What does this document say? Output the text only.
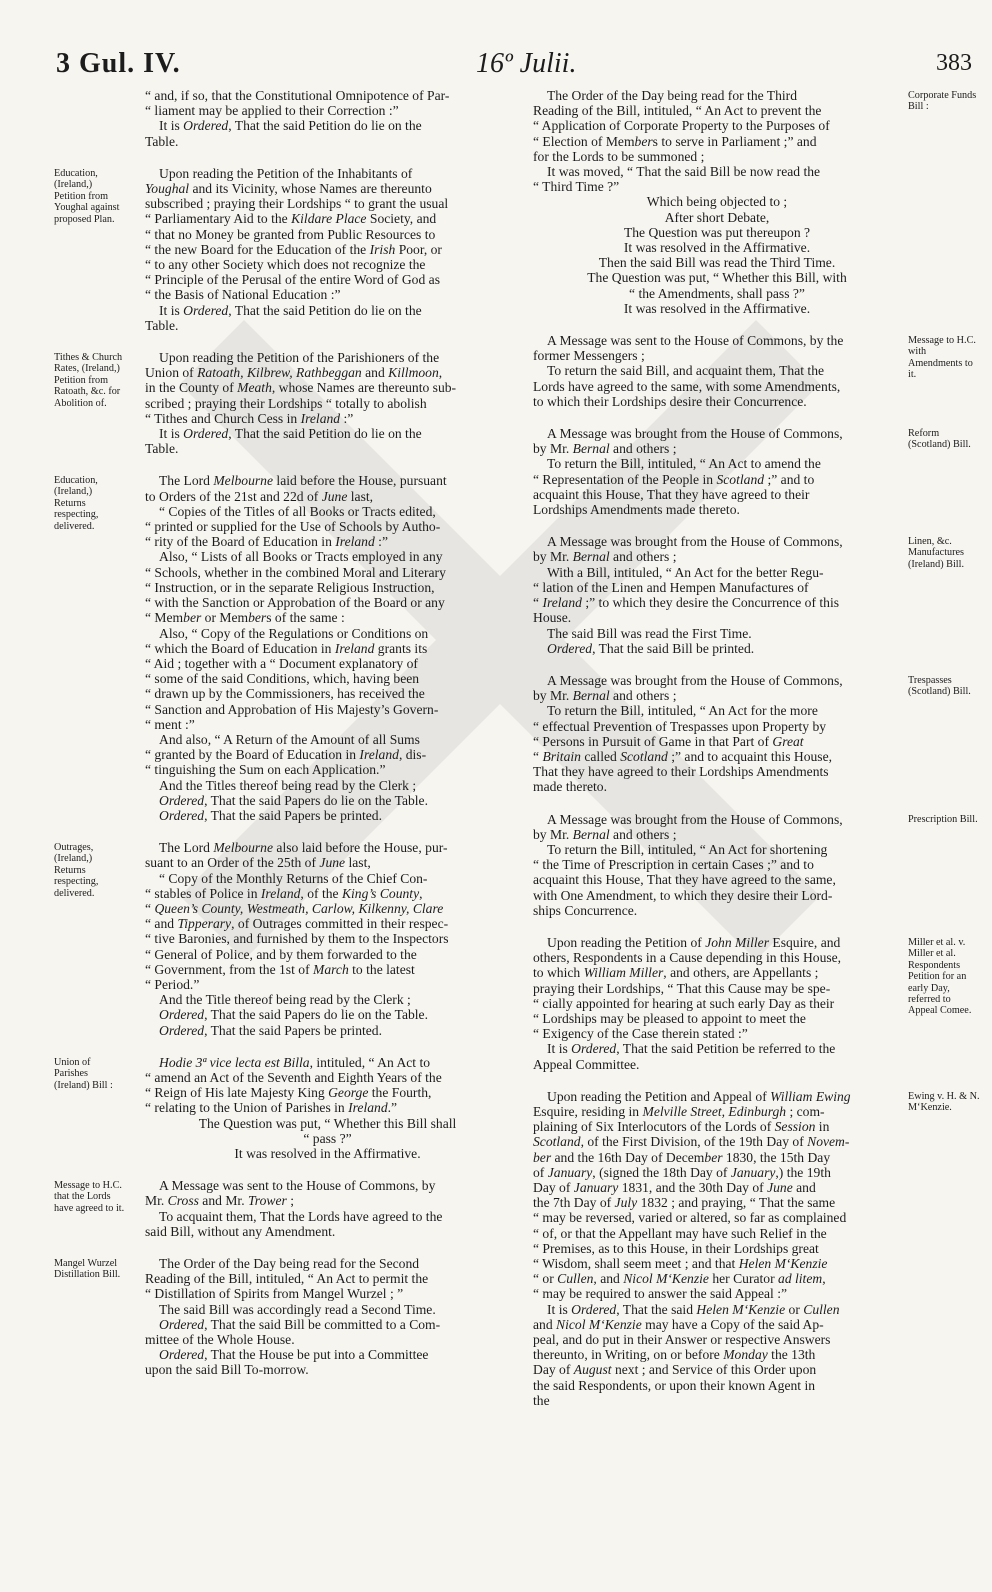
3 Gul. IV.	16º Julii.	383

“ and, if so, that the Constitutional Omnipotence of Par-

“ liament may be applied to their Correction :”

It is Ordered, That the said Petition do lie on the

Table.

Upon reading the Petition of the Inhabitants of

Youghal and its Vicinity, whose Names are thereunto

subscribed ; praying their Lordships “ to grant the usual

“ Parliamentary Aid to the Kildare Place Society, and

“ that no Money be granted from Public Resources to

“ the new Board for the Education of the Irish Poor, or

“ to any other Society which does not recognize the

“ Principle of the Perusal of the entire Word of God as

“ the Basis of National Education :”

It is Ordered, That the said Petition do lie on the

Table.

Upon reading the Petition of the Parishioners of the

Union of Ratoath, Kilbrew, Rathbeggan and Killmoon,

in the County of Meath, whose Names are thereunto sub-

scribed ; praying their Lordships “ totally to abolish

“ Tithes and Church Cess in Ireland :”

It is Ordered, That the said Petition do lie on the

Table.

The Lord Melbourne laid before the House, pursuant

to Orders of the 21st and 22d of June last,

“ Copies of the Titles of all Books or Tracts edited,

“ printed or supplied for the Use of Schools by Autho-

“ rity of the Board of Education in Ireland :”

Also, “ Lists of all Books or Tracts employed in any

“ Schools, whether in the combined Moral and Literary

“ Instruction, or in the separate Religious Instruction,

“ with the Sanction or Approbation of the Board or any

“ Member or Members of the same :

Also, “ Copy of the Regulations or Conditions on

“ which the Board of Education in Ireland grants its

“ Aid ; together with a “ Document explanatory of

“ some of the said Conditions, which, having been

“ drawn up by the Commissioners, has received the

“ Sanction and Approbation of His Majesty’s Govern-

“ ment :”

And also, “ A Return of the Amount of all Sums

“ granted by the Board of Education in Ireland, dis-

“ tinguishing the Sum on each Application.”

And the Titles thereof being read by the Clerk ;

Ordered, That the said Papers do lie on the Table.

Ordered, That the said Papers be printed.

The Lord Melbourne also laid before the House, pur-

suant to an Order of the 25th of June last,

“ Copy of the Monthly Returns of the Chief Con-

“ stables of Police in Ireland, of the King’s County,

“ Queen’s County, Westmeath, Carlow, Kilkenny, Clare

“ and Tipperary, of Outrages committed in their respec-

“ tive Baronies, and furnished by them to the Inspectors

“ General of Police, and by them forwarded to the

“ Government, from the 1st of March to the latest

“ Period.”

And the Title thereof being read by the Clerk ;

Ordered, That the said Papers do lie on the Table.

Ordered, That the said Papers be printed.

Hodie 3ª vice lecta est Billa, intituled, “ An Act to

“ amend an Act of the Seventh and Eighth Years of the

“ Reign of His late Majesty King George the Fourth,

“ relating to the Union of Parishes in Ireland.”

The Question was put, “ Whether this Bill shall

“ pass ?”

It was resolved in the Affirmative.

A Message was sent to the House of Commons, by

Mr. Cross and Mr. Trower ;

To acquaint them, That the Lords have agreed to the

said Bill, without any Amendment.

The Order of the Day being read for the Second

Reading of the Bill, intituled, “ An Act to permit the

“ Distillation of Spirits from Mangel Wurzel ; ”

The said Bill was accordingly read a Second Time.

Ordered, That the said Bill be committed to a Com-

mittee of the Whole House.

Ordered, That the House be put into a Committee

upon the said Bill To-morrow.

The Order of the Day being read for the Third

Reading of the Bill, intituled, “ An Act to prevent the

“ Application of Corporate Property to the Purposes of

“ Election of Members to serve in Parliament ;” and

for the Lords to be summoned ;

It was moved, “ That the said Bill be now read the

“ Third Time ?”

Which being objected to ;

After short Debate,

The Question was put thereupon ?

It was resolved in the Affirmative.

Then the said Bill was read the Third Time.

The Question was put, “ Whether this Bill, with

“ the Amendments, shall pass ?”

It was resolved in the Affirmative.

A Message was sent to the House of Commons, by the

former Messengers ;

To return the said Bill, and acquaint them, That the

Lords have agreed to the same, with some Amendments,

to which their Lordships desire their Concurrence.

A Message was brought from the House of Commons,

by Mr. Bernal and others ;

To return the Bill, intituled, “ An Act to amend the

“ Representation of the People in Scotland ;” and to

acquaint this House, That they have agreed to their

Lordships Amendments made thereto.

A Message was brought from the House of Commons,

by Mr. Bernal and others ;

With a Bill, intituled, “ An Act for the better Regu-

“ lation of the Linen and Hempen Manufactures of

“ Ireland ;” to which they desire the Concurrence of this

House.

The said Bill was read the First Time.

Ordered, That the said Bill be printed.

A Message was brought from the House of Commons,

by Mr. Bernal and others ;

To return the Bill, intituled, “ An Act for the more

“ effectual Prevention of Trespasses upon Property by

“ Persons in Pursuit of Game in that Part of Great

“ Britain called Scotland ;” and to acquaint this House,

That they have agreed to their Lordships Amendments

made thereto.

A Message was brought from the House of Commons,

by Mr. Bernal and others ;

To return the Bill, intituled, “ An Act for shortening

“ the Time of Prescription in certain Cases ;” and to

acquaint this House, That they have agreed to the same,

with One Amendment, to which they desire their Lord-

ships Concurrence.

Upon reading the Petition of John Miller Esquire, and

others, Respondents in a Cause depending in this House,

to which William Miller, and others, are Appellants ;

praying their Lordships, “ That this Cause may be spe-

“ cially appointed for hearing at such early Day as their

“ Lordships may be pleased to appoint to meet the

“ Exigency of the Case therein stated :”

It is Ordered, That the said Petition be referred to the

Appeal Committee.

Upon reading the Petition and Appeal of William Ewing

Esquire, residing in Melville Street, Edinburgh ; com-

plaining of Six Interlocutors of the Lords of Session in

Scotland, of the First Division, of the 19th Day of Novem-

ber and the 16th Day of December 1830, the 15th Day

of January, (signed the 18th Day of January,) the 19th

Day of January 1831, and the 30th Day of June and

the 7th Day of July 1832 ; and praying, “ That the same

“ may be reversed, varied or altered, so far as complained

“ of, or that the Appellant may have such Relief in the

“ Premises, as to this House, in their Lordships great

“ Wisdom, shall seem meet ; and that Helen M‘Kenzie

“ or Cullen, and Nicol M‘Kenzie her Curator ad litem,

“ may be required to answer the said Appeal :”

It is Ordered, That the said Helen M‘Kenzie or Cullen

and Nicol M‘Kenzie may have a Copy of the said Ap-

peal, and do put in their Answer or respective Answers

thereunto, in Writing, on or before Monday the 13th

Day of August next ; and Service of this Order upon

the said Respondents, or upon their known Agent in

the

Education, (Ireland,) Petition from Youghal against proposed Plan.
Tithes & Church Rates, (Ireland,) Petition from Ratoath, &c. for Abolition of.
Education, (Ireland,) Returns respecting, delivered.
Outrages, (Ireland,) Returns respecting, delivered.
Union of Parishes (Ireland) Bill :
Message to H.C. that the Lords have agreed to it.
Mangel Wurzel Distillation Bill.
Corporate Funds Bill :
Message to H.C. with Amendments to it.
Reform (Scotland) Bill.
Linen, &c. Manufactures (Ireland) Bill.
Trespasses (Scotland) Bill.
Prescription Bill.
Miller et al. v. Miller et al. Respondents Petition for an early Day, referred to Appeal Comee.
Ewing v. H. & N. M‘Kenzie.
